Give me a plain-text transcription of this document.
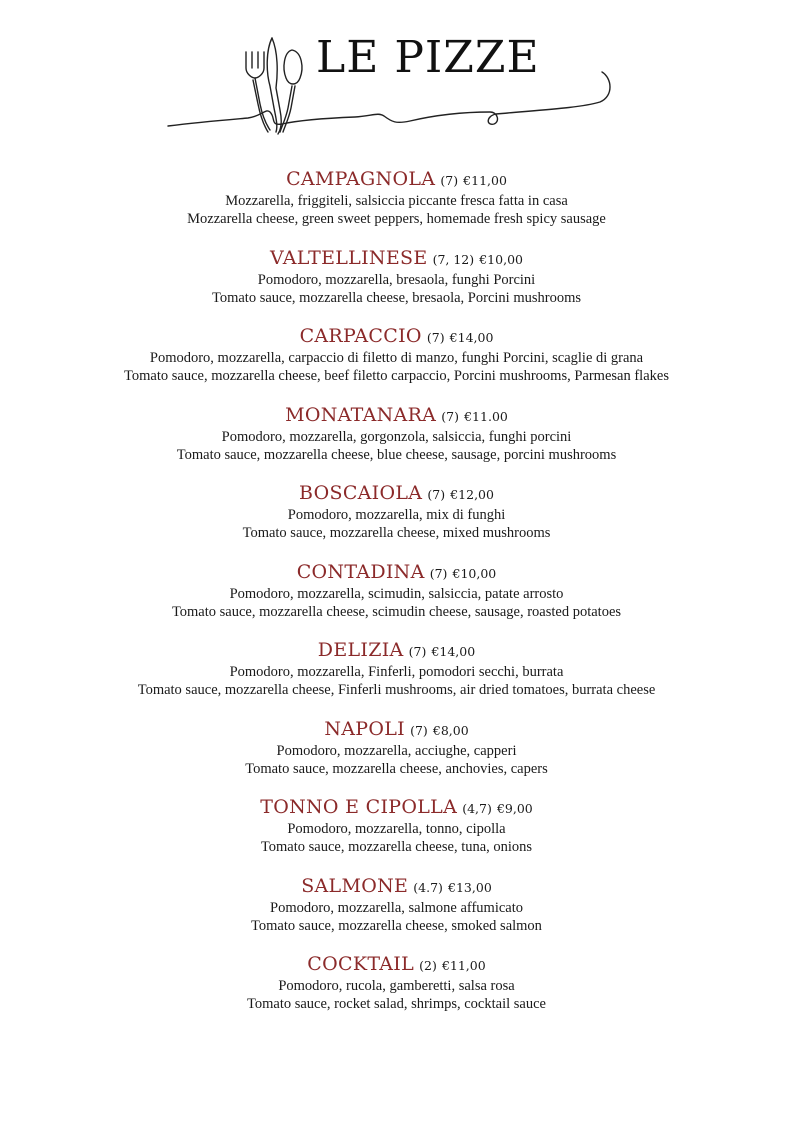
LE PIZZE
CAMPAGNOLA (7) €11,00
Mozzarella, friggiteli, salsiccia piccante fresca fatta in casa
Mozzarella cheese, green sweet peppers, homemade fresh spicy sausage
VALTELLINESE (7, 12) €10,00
Pomodoro, mozzarella, bresaola, funghi Porcini
Tomato sauce, mozzarella cheese, bresaola, Porcini mushrooms
CARPACCIO (7) €14,00
Pomodoro, mozzarella, carpaccio di filetto di manzo, funghi Porcini, scaglie di grana
Tomato sauce, mozzarella cheese, beef filetto carpaccio, Porcini mushrooms, Parmesan flakes
MONATANARA (7) €11.00
Pomodoro, mozzarella, gorgonzola, salsiccia, funghi porcini
Tomato sauce, mozzarella cheese, blue cheese, sausage, porcini mushrooms
BOSCAIOLA (7) €12,00
Pomodoro, mozzarella, mix di funghi
Tomato sauce, mozzarella cheese, mixed mushrooms
CONTADINA (7) €10,00
Pomodoro, mozzarella, scimudin, salsiccia, patate arrosto
Tomato sauce, mozzarella cheese, scimudin cheese, sausage, roasted potatoes
DELIZIA (7) €14,00
Pomodoro, mozzarella, Finferli, pomodori secchi, burrata
Tomato sauce, mozzarella cheese, Finferli mushrooms, air dried tomatoes, burrata cheese
NAPOLI (7) €8,00
Pomodoro, mozzarella, acciughe, capperi
Tomato sauce, mozzarella cheese, anchovies, capers
TONNO E CIPOLLA (4,7) €9,00
Pomodoro, mozzarella, tonno, cipolla
Tomato sauce, mozzarella cheese, tuna, onions
SALMONE (4.7) €13,00
Pomodoro, mozzarella, salmone affumicato
Tomato sauce, mozzarella cheese, smoked salmon
COCKTAIL (2) €11,00
Pomodoro, rucola, gamberetti, salsa rosa
Tomato sauce, rocket salad, shrimps, cocktail sauce
